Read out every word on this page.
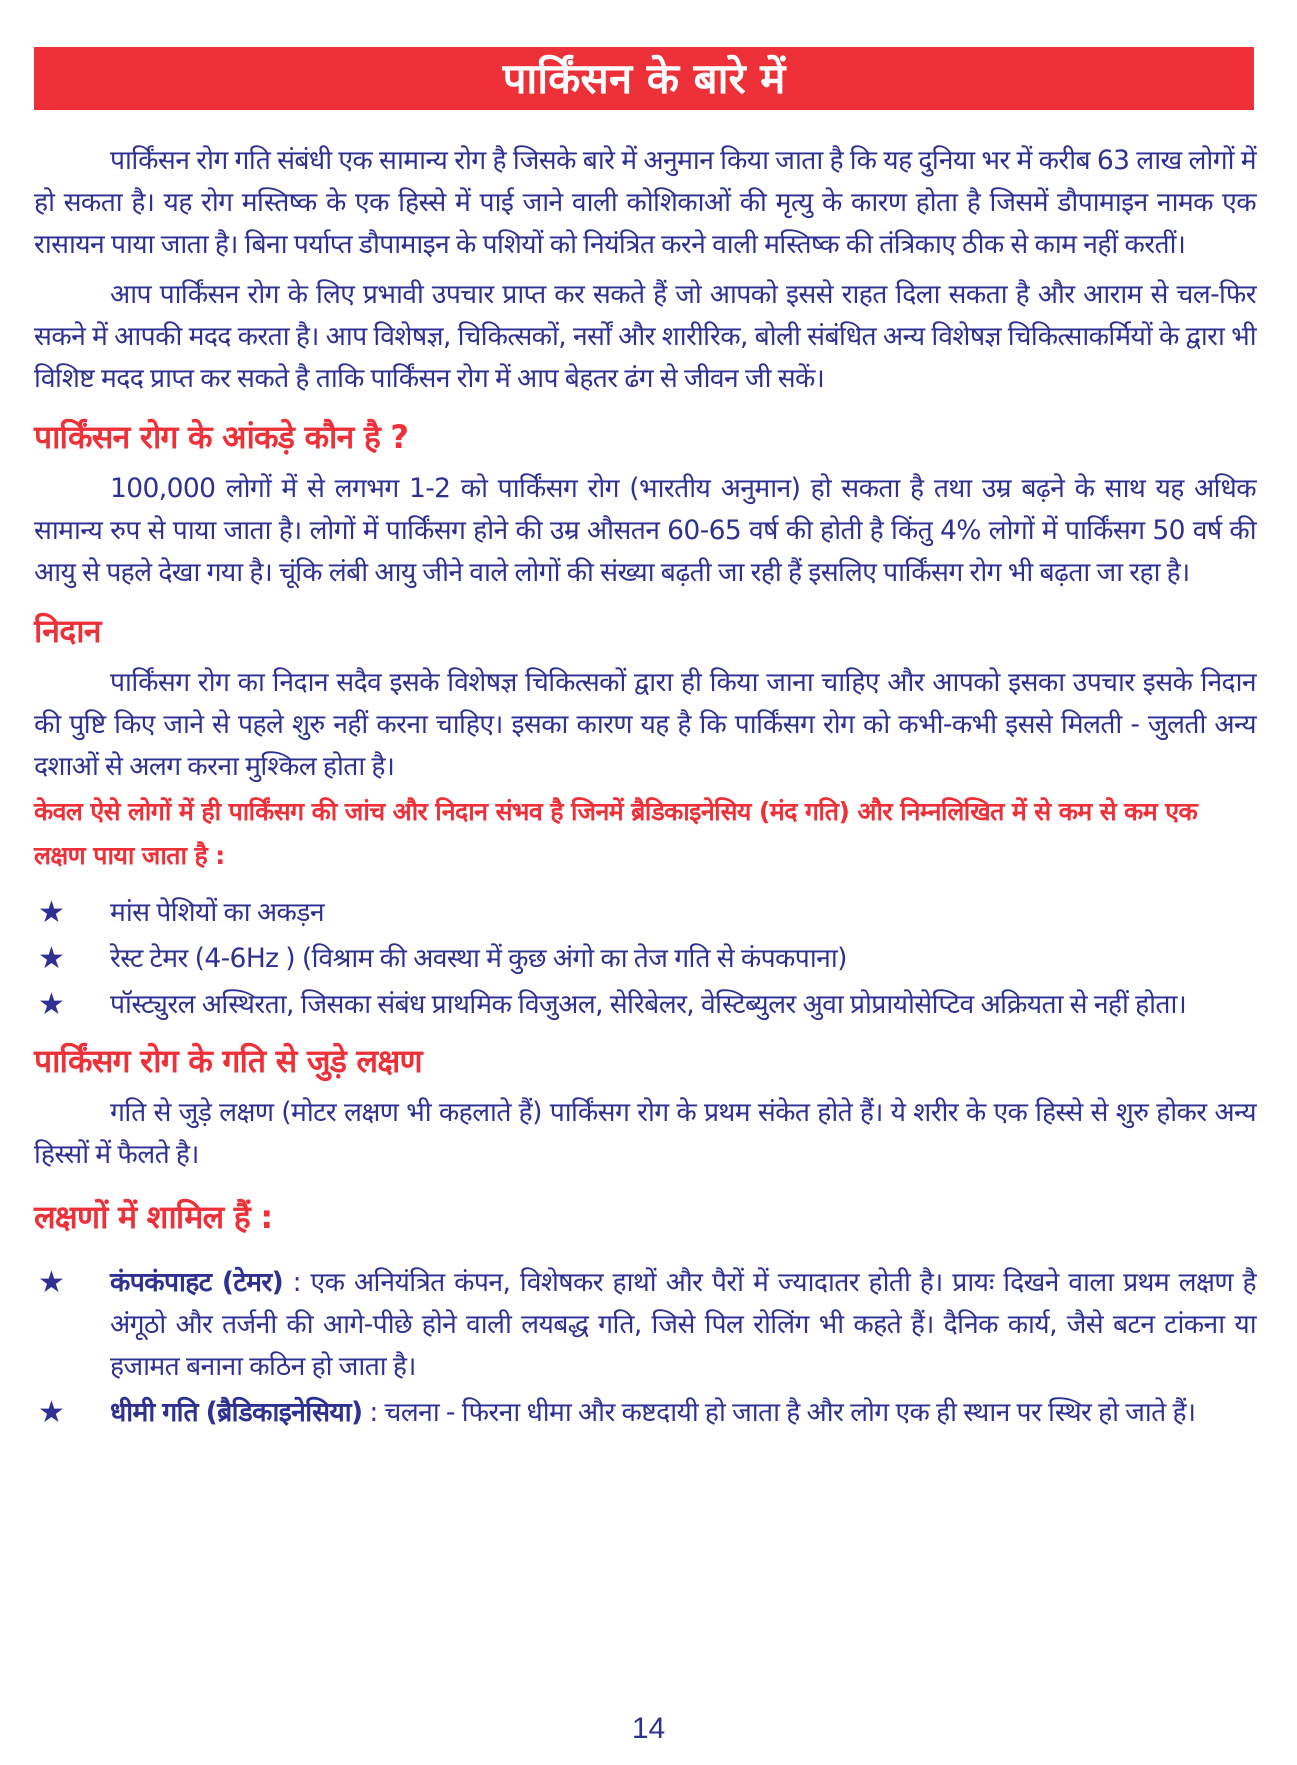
पार्किंसन के बारे में

पार्किंसन रोग गति संबंधी एक सामान्य रोग है जिसके बारे में अनुमान किया जाता है कि यह दुनिया भर में करीब 63 लाख लोगों में हो सकता है। यह रोग मस्तिष्क के एक हिस्से में पाई जाने वाली कोशिकाओं की मृत्यु के कारण होता है जिसमें डौपामाइन नामक एक रासायन पाया जाता है। बिना पर्याप्त डौपामाइन के पशियों को नियंत्रित करने वाली मस्तिष्क की तंत्रिकाए ठीक से काम नहीं करतीं।

आप पार्किंसन रोग के लिए प्रभावी उपचार प्राप्त कर सकते हैं जो आपको इससे राहत दिला सकता है और आराम से चल-फिर सकने में आपकी मदद करता है। आप विशेषज्ञ, चिकित्सकों, नर्सों और शारीरिक, बोली संबंधित अन्य विशेषज्ञ चिकित्साकर्मियों के द्वारा भी विशिष्ट मदद प्राप्त कर सकते है ताकि पार्किंसन रोग में आप बेहतर ढंग से जीवन जी सकें।

पार्किंसन रोग के आंकड़े कौन है ?

100,000 लोगों में से लगभग 1-2 को पार्किंसग रोग (भारतीय अनुमान) हो सकता है तथा उम्र बढ़ने के साथ यह अधिक सामान्य रुप से पाया जाता है। लोगों में पार्किंसग होने की उम्र औसतन 60-65 वर्ष की होती है किंतु 4% लोगों में पार्किंसग 50 वर्ष की आयु से पहले देखा गया है। चूंकि लंबी आयु जीने वाले लोगों की संख्या बढ़ती जा रही हैं इसलिए पार्किंसग रोग भी बढ़ता जा रहा है।

निदान

पार्किंसग रोग का निदान सदैव इसके विशेषज्ञ चिकित्सकों द्वारा ही किया जाना चाहिए और आपको इसका उपचार इसके निदान की पुष्टि किए जाने से पहले शुरु नहीं करना चाहिए। इसका कारण यह है कि पार्किंसग रोग को कभी-कभी इससे मिलती - जुलती अन्य दशाओं से अलग करना मुश्किल होता है।

केवल ऐसे लोगों में ही पार्किंसग की जांच और निदान संभव है जिनमें ब्रैडिकाइनेसिय (मंद गति) और निम्नलिखित में से कम से कम एक लक्षण पाया जाता है :

★ मांस पेशियों का अकड़न
★ रेस्ट टेमर (4-6Hz ) (विश्राम की अवस्था में कुछ अंगो का तेज गति से कंपकपाना)
★ पॉस्ट्युरल अस्थिरता, जिसका संबंध प्राथमिक विजुअल, सेरिबेलर, वेस्टिब्युलर अुवा प्रोप्रायोसेप्टिव अक्रियता से नहीं होता।
पार्किंसग रोग के गति से जुड़े लक्षण

गति से जुड़े लक्षण (मोटर लक्षण भी कहलाते हैं) पार्किंसग रोग के प्रथम संकेत होते हैं। ये शरीर के एक हिस्से से शुरु होकर अन्य हिस्सों में फैलते है।

लक्षणों में शामिल हैं :
★ कंपकंपाहट (टेमर) : एक अनियंत्रित कंपन, विशेषकर हाथों और पैरों में ज्यादातर होती है। प्रायः दिखने वाला प्रथम लक्षण है अंगूठो और तर्जनी की आगे-पीछे होने वाली लयबद्ध गति, जिसे पिल रोलिंग भी कहते हैं। दैनिक कार्य, जैसे बटन टांकना या हजामत बनाना कठिन हो जाता है।
★ धीमी गति (ब्रैडिकाइनेसिया) : चलना - फिरना धीमा और कष्टदायी हो जाता है और लोग एक ही स्थान पर स्थिर हो जाते हैं।
14
